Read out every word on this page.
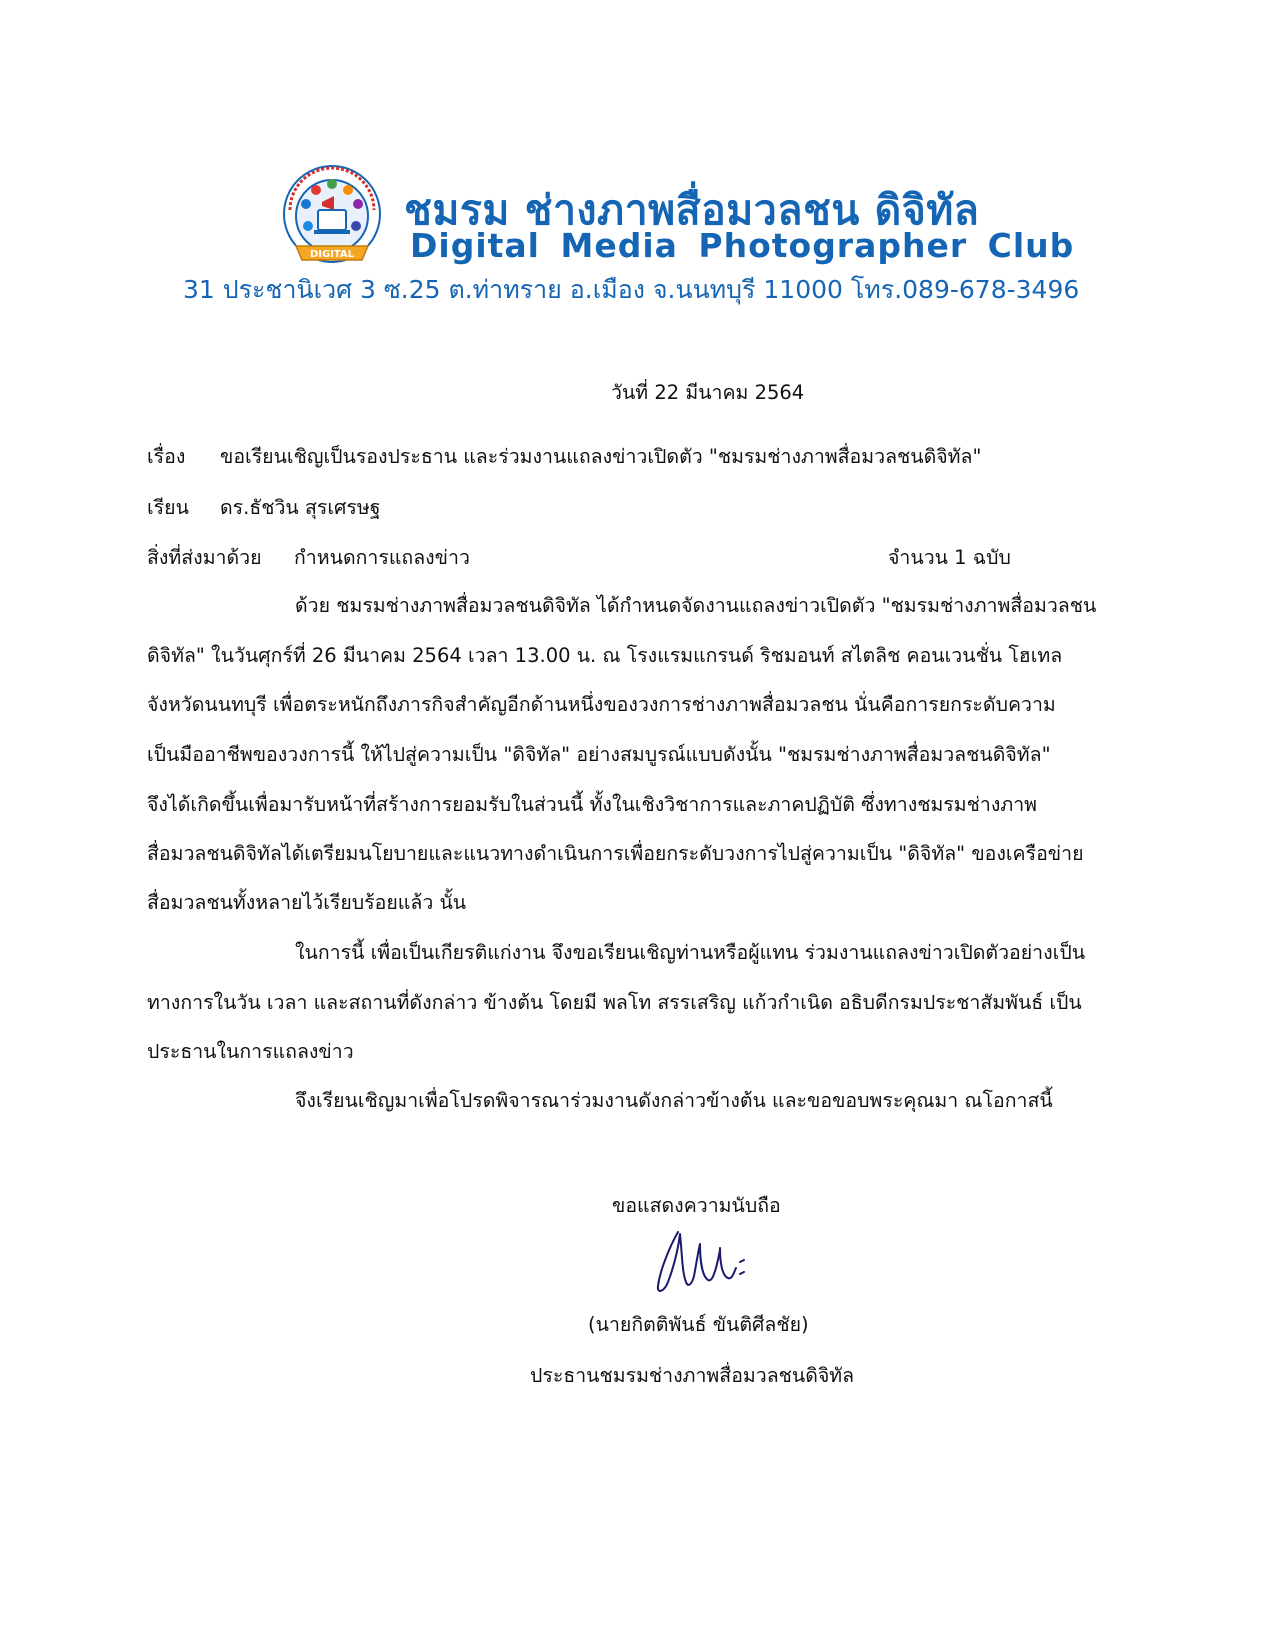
DIGITAL
ชมรม ช่างภาพสื่อมวลชน ดิจิทัล
Digital Media Photographer Club
31 ประชานิเวศ 3 ซ.25 ต.ท่าทราย อ.เมือง จ.นนทบุรี 11000 โทร.089-678-3496
วันที่ 22 มีนาคม 2564
เรื่อง ขอเรียนเชิญเป็นรองประธาน และร่วมงานแถลงข่าวเปิดตัว "ชมรมช่างภาพสื่อมวลชนดิจิทัล"
เรียน ดร.ธัชวิน สุรเศรษฐ
สิ่งที่ส่งมาด้วย กำหนดการแถลงข่าว	จำนวน 1 ฉบับ
ด้วย ชมรมช่างภาพสื่อมวลชนดิจิทัล ได้กำหนดจัดงานแถลงข่าวเปิดตัว "ชมรมช่างภาพสื่อมวลชน
ดิจิทัล" ในวันศุกร์ที่ 26 มีนาคม 2564 เวลา 13.00 น. ณ โรงแรมแกรนด์ ริชมอนท์ สไตลิช คอนเวนชั่น โฮเทล
จังหวัดนนทบุรี เพื่อตระหนักถึงภารกิจสำคัญอีกด้านหนึ่งของวงการช่างภาพสื่อมวลชน นั่นคือการยกระดับความ
เป็นมืออาชีพของวงการนี้ ให้ไปสู่ความเป็น "ดิจิทัล" อย่างสมบูรณ์แบบดังนั้น "ชมรมช่างภาพสื่อมวลชนดิจิทัล"
จึงได้เกิดขึ้นเพื่อมารับหน้าที่สร้างการยอมรับในส่วนนี้ ทั้งในเชิงวิชาการและภาคปฏิบัติ ซึ่งทางชมรมช่างภาพ
สื่อมวลชนดิจิทัลได้เตรียมนโยบายและแนวทางดำเนินการเพื่อยกระดับวงการไปสู่ความเป็น "ดิจิทัล" ของเครือข่าย
สื่อมวลชนทั้งหลายไว้เรียบร้อยแล้ว นั้น
ในการนี้ เพื่อเป็นเกียรติแก่งาน จึงขอเรียนเชิญท่านหรือผู้แทน ร่วมงานแถลงข่าวเปิดตัวอย่างเป็น
ทางการในวัน เวลา และสถานที่ดังกล่าว ข้างต้น โดยมี พลโท สรรเสริญ แก้วกำเนิด อธิบดีกรมประชาสัมพันธ์ เป็น
ประธานในการแถลงข่าว
จึงเรียนเชิญมาเพื่อโปรดพิจารณาร่วมงานดังกล่าวข้างต้น และขอขอบพระคุณมา ณโอกาสนี้
ขอแสดงความนับถือ
(นายกิตติพันธ์ ขันติศีลชัย)
ประธานชมรมช่างภาพสื่อมวลชนดิจิทัล
